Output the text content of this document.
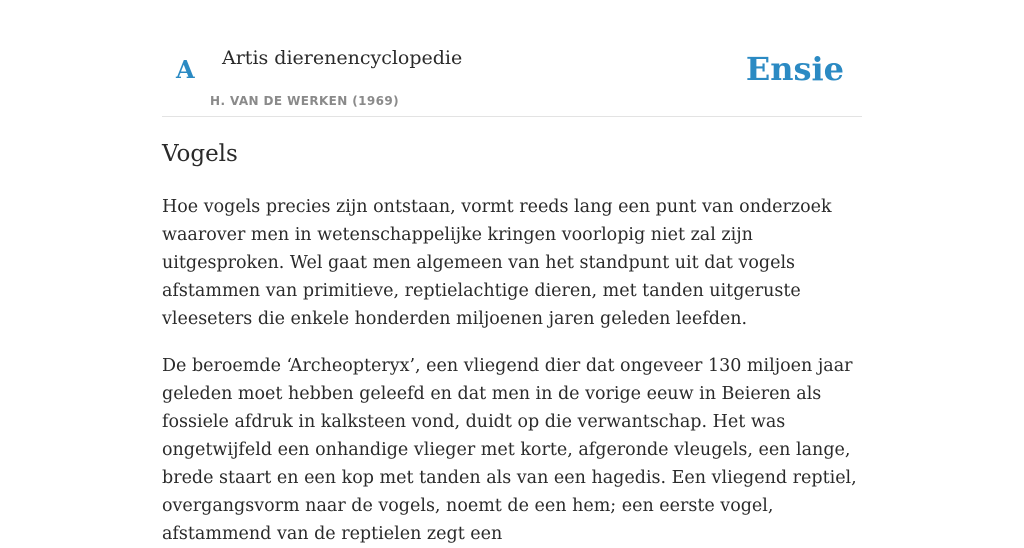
A Artis dierenencyclopedie
H. VAN DE WERKEN (1969)
Ensie
Vogels

Hoe vogels precies zijn ontstaan, vormt reeds lang een punt van onderzoek waarover men in wetenschappelijke kringen voorlopig niet zal zijn uitgesproken. Wel gaat men algemeen van het standpunt uit dat vogels afstammen van primitieve, reptielachtige dieren, met tanden uitgeruste vleeseters die enkele honderden miljoenen jaren geleden leefden.

De beroemde ‘Archeopteryx’, een vliegend dier dat ongeveer 130 miljoen jaar geleden moet hebben geleefd en dat men in de vorige eeuw in Beieren als fossiele afdruk in kalksteen vond, duidt op die verwantschap. Het was ongetwijfeld een onhandige vlieger met korte, afgeronde vleugels, een lange, brede staart en een kop met tanden als van een hagedis. Een vliegend reptiel, overgangsvorm naar de vogels, noemt de een hem; een eerste vogel, afstammend van de reptielen zegt een
